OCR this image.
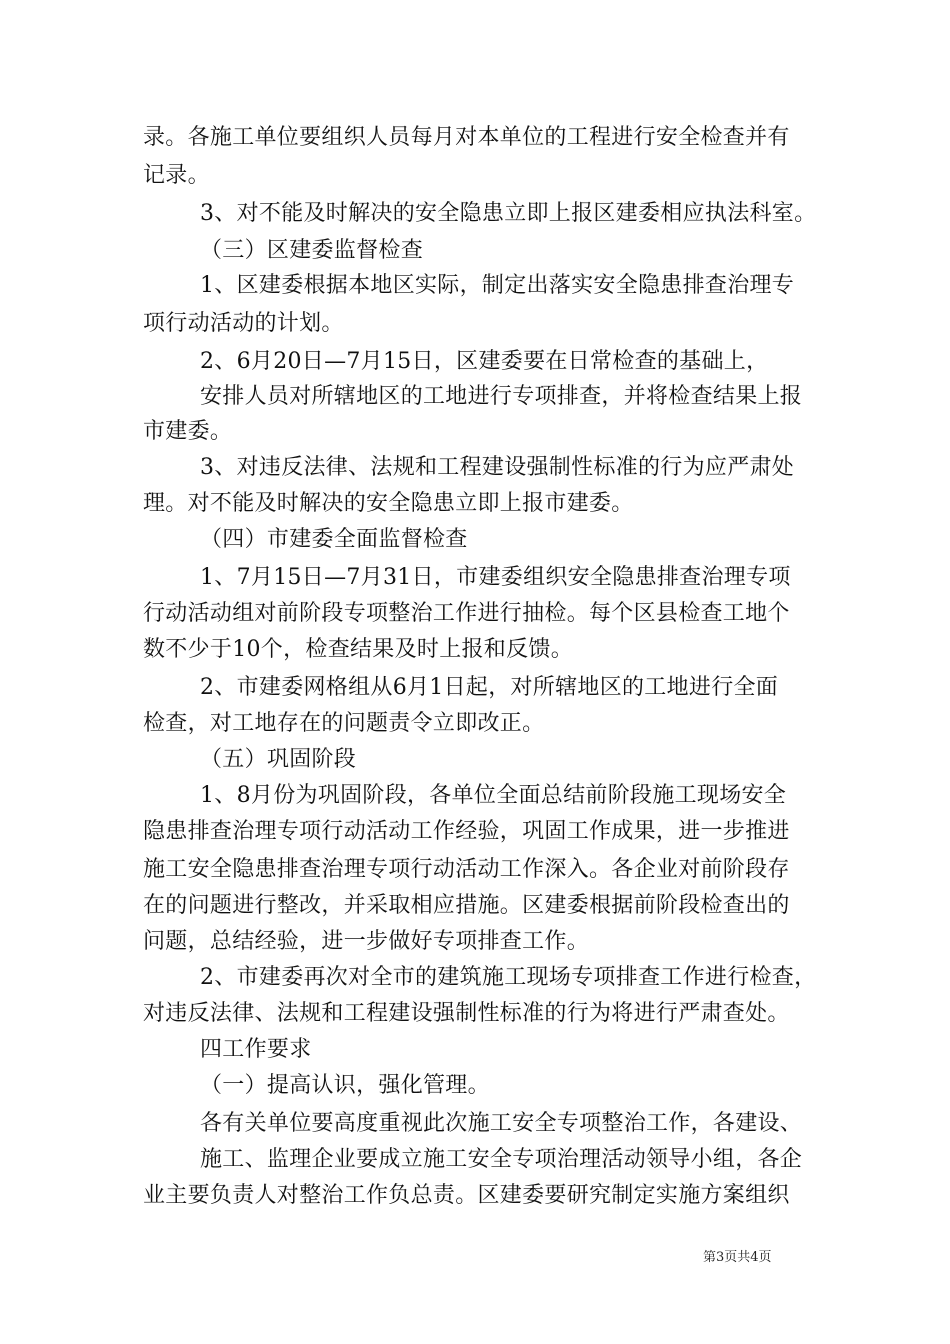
录。各施工单位要组织人员每月对本单位的工程进行安全检查并有
记录。
3、对不能及时解决的安全隐患立即上报区建委相应执法科室。
（三）区建委监督检查
1、区建委根据本地区实际，制定出落实安全隐患排查治理专
项行动活动的计划。
2、6月20日—7月15日，区建委要在日常检查的基础上，
安排人员对所辖地区的工地进行专项排查，并将检查结果上报
市建委。
3、对违反法律、法规和工程建设强制性标准的行为应严肃处
理。对不能及时解决的安全隐患立即上报市建委。
（四）市建委全面监督检查
1、7月15日—7月31日，市建委组织安全隐患排查治理专项
行动活动组对前阶段专项整治工作进行抽检。每个区县检查工地个
数不少于10个，检查结果及时上报和反馈。
2、市建委网格组从6月1日起，对所辖地区的工地进行全面
检查，对工地存在的问题责令立即改正。
（五）巩固阶段
1、8月份为巩固阶段，各单位全面总结前阶段施工现场安全
隐患排查治理专项行动活动工作经验，巩固工作成果，进一步推进
施工安全隐患排查治理专项行动活动工作深入。各企业对前阶段存
在的问题进行整改，并采取相应措施。区建委根据前阶段检查出的
问题，总结经验，进一步做好专项排查工作。
2、市建委再次对全市的建筑施工现场专项排查工作进行检查，
对违反法律、法规和工程建设强制性标准的行为将进行严肃查处。
四工作要求
（一）提高认识，强化管理。
各有关单位要高度重视此次施工安全专项整治工作，各建设、
施工、监理企业要成立施工安全专项治理活动领导小组，各企
业主要负责人对整治工作负总责。区建委要研究制定实施方案组织
第3页共4页
